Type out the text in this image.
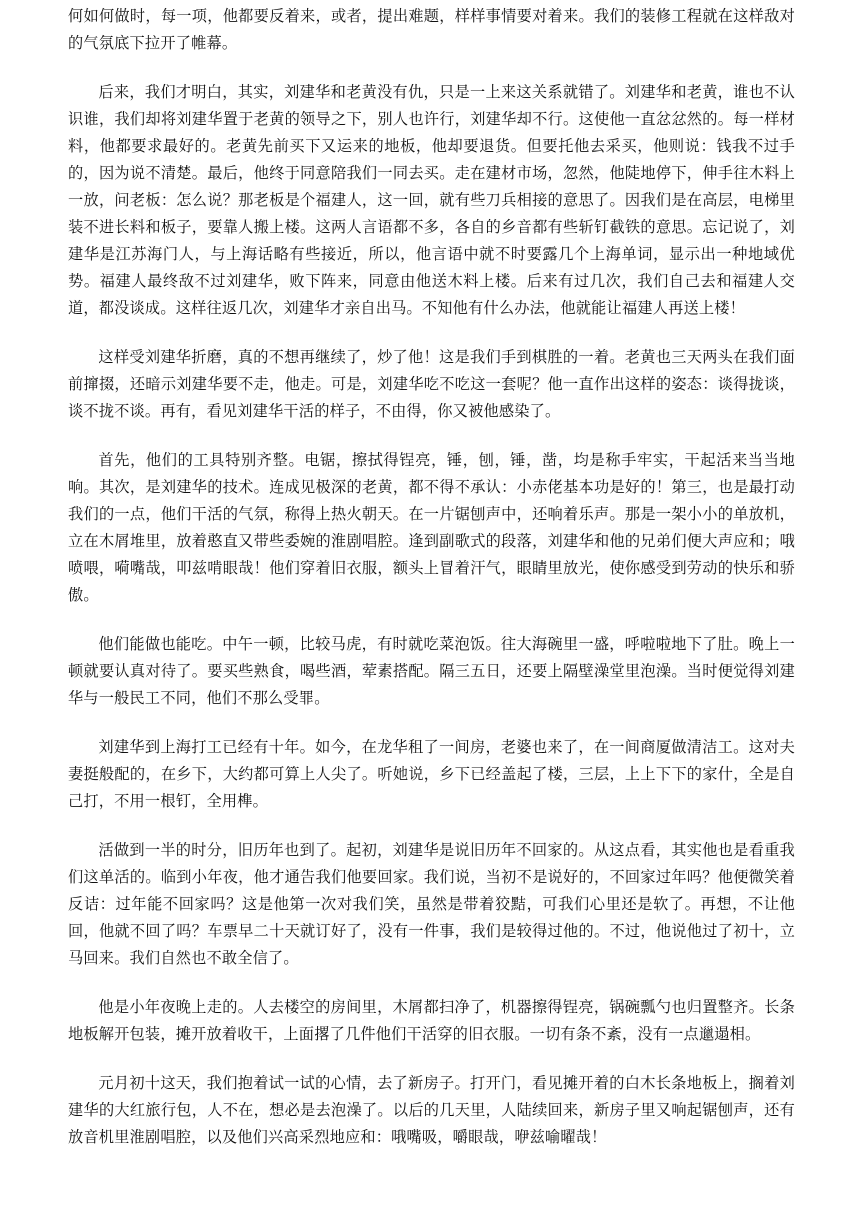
何如何做时，每一项，他都要反着来，或者，提出难题，样样事情要对着来。我们的装修工程就在这样敌对的气氛底下拉开了帷幕。

后来，我们才明白，其实，刘建华和老黄没有仇，只是一上来这关系就错了。刘建华和老黄，谁也不认识谁，我们却将刘建华置于老黄的领导之下，别人也许行，刘建华却不行。这使他一直忿忿然的。每一样材料，他都要求最好的。老黄先前买下又运来的地板，他却要退货。但要托他去采买，他则说：钱我不过手的，因为说不清楚。最后，他终于同意陪我们一同去买。走在建材市场，忽然，他陡地停下，伸手往木料上一放，问老板：怎么说？那老板是个福建人，这一回，就有些刀兵相接的意思了。因我们是在高层，电梯里装不进长料和板子，要靠人搬上楼。这两人言语都不多，各自的乡音都有些斩钉截铁的意思。忘记说了，刘建华是江苏海门人，与上海话略有些接近，所以，他言语中就不时要露几个上海单词，显示出一种地域优势。福建人最终敌不过刘建华，败下阵来，同意由他送木料上楼。后来有过几次，我们自己去和福建人交道，都没谈成。这样往返几次，刘建华才亲自出马。不知他有什么办法，他就能让福建人再送上楼！

这样受刘建华折磨，真的不想再继续了，炒了他！这是我们手到棋胜的一着。老黄也三天两头在我们面前撺掇，还暗示刘建华要不走，他走。可是，刘建华吃不吃这一套呢？他一直作出这样的姿态：谈得拢谈，谈不拢不谈。再有，看见刘建华干活的样子，不由得，你又被他感染了。

首先，他们的工具特别齐整。电锯，擦拭得锃亮，锤，刨，锤，凿，均是称手牢实，干起活来当当地响。其次，是刘建华的技术。连成见极深的老黄，都不得不承认：小赤佬基本功是好的！第三，也是最打动我们的一点，他们干活的气氛，称得上热火朝天。在一片锯刨声中，还响着乐声。那是一架小小的单放机，立在木屑堆里，放着憨直又带些委婉的淮剧唱腔。逢到副歌式的段落，刘建华和他的兄弟们便大声应和；哦喷喂，嗬嘴哉，叩兹啃眼哉！他们穿着旧衣服，额头上冒着汗气，眼睛里放光，使你感受到劳动的快乐和骄傲。

他们能做也能吃。中午一顿，比较马虎，有时就吃菜泡饭。往大海碗里一盛，呼啦啦地下了肚。晚上一顿就要认真对待了。要买些熟食，喝些酒，荤素搭配。隔三五日，还要上隔壁澡堂里泡澡。当时便觉得刘建华与一般民工不同，他们不那么受罪。

刘建华到上海打工已经有十年。如今，在龙华租了一间房，老婆也来了，在一间商厦做清洁工。这对夫妻挺般配的，在乡下，大约都可算上人尖了。听她说，乡下已经盖起了楼，三层，上上下下的家什，全是自己打，不用一根钉，全用榫。

活做到一半的时分，旧历年也到了。起初，刘建华是说旧历年不回家的。从这点看，其实他也是看重我们这单活的。临到小年夜，他才通告我们他要回家。我们说，当初不是说好的，不回家过年吗？他便微笑着反诘：过年能不回家吗？这是他第一次对我们笑，虽然是带着狡黠，可我们心里还是软了。再想，不让他回，他就不回了吗？车票早二十天就订好了，没有一件事，我们是较得过他的。不过，他说他过了初十，立马回来。我们自然也不敢全信了。

他是小年夜晚上走的。人去楼空的房间里，木屑都扫净了，机器擦得锃亮，锅碗瓢勺也归置整齐。长条地板解开包装，摊开放着收干，上面撂了几件他们干活穿的旧衣服。一切有条不紊，没有一点邋遢相。

元月初十这天，我们抱着试一试的心情，去了新房子。打开门，看见摊开着的白木长条地板上，搁着刘建华的大红旅行包，人不在，想必是去泡澡了。以后的几天里，人陆续回来，新房子里又响起锯刨声，还有放音机里淮剧唱腔，以及他们兴高采烈地应和：哦嘴吸，嚼眼哉，咿兹喻曜哉！
